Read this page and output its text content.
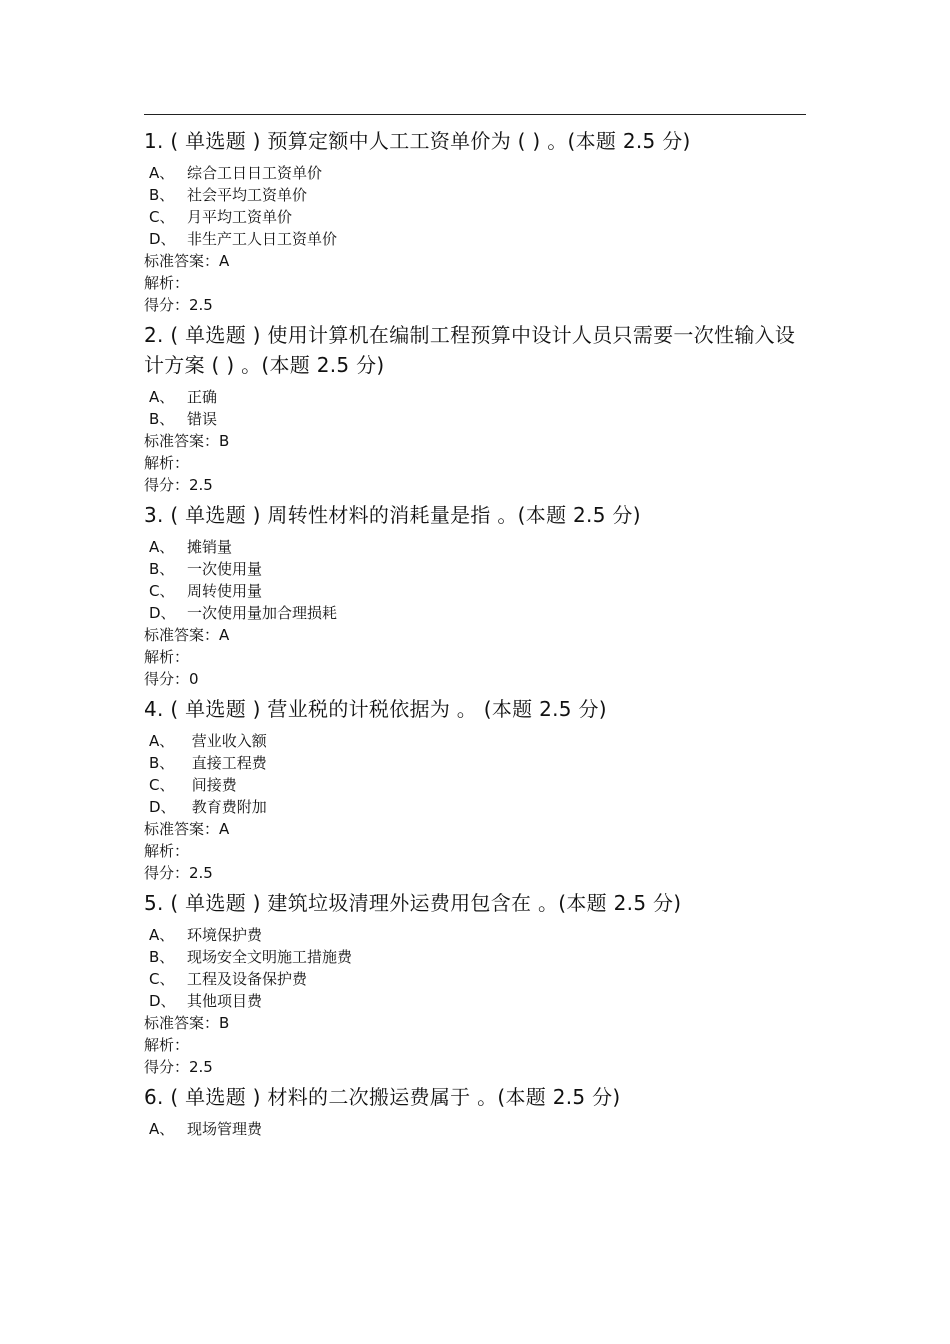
1. ( 单选题 ) 预算定额中人工工资单价为 ( ) 。(本题 2.5 分)
A、 综合工日日工资单价
B、 社会平均工资单价
C、 月平均工资单价
D、 非生产工人日工资单价
标准答案：A
解析：
得分：2.5
2. ( 单选题 ) 使用计算机在编制工程预算中设计人员只需要一次性输入设计方案 ( ) 。(本题 2.5 分)
A、 正确
B、 错误
标准答案：B
解析：
得分：2.5
3. ( 单选题 ) 周转性材料的消耗量是指 。(本题 2.5 分)
A、 摊销量
B、 一次使用量
C、 周转使用量
D、 一次使用量加合理损耗
标准答案：A
解析：
得分：0
4. ( 单选题 ) 营业税的计税依据为 。 (本题 2.5 分)
A、 营业收入额
B、 直接工程费
C、 间接费
D、 教育费附加
标准答案：A
解析：
得分：2.5
5. ( 单选题 ) 建筑垃圾清理外运费用包含在 。(本题 2.5 分)
A、 环境保护费
B、 现场安全文明施工措施费
C、 工程及设备保护费
D、 其他项目费
标准答案：B
解析：
得分：2.5
6. ( 单选题 ) 材料的二次搬运费属于 。(本题 2.5 分)
A、 现场管理费
